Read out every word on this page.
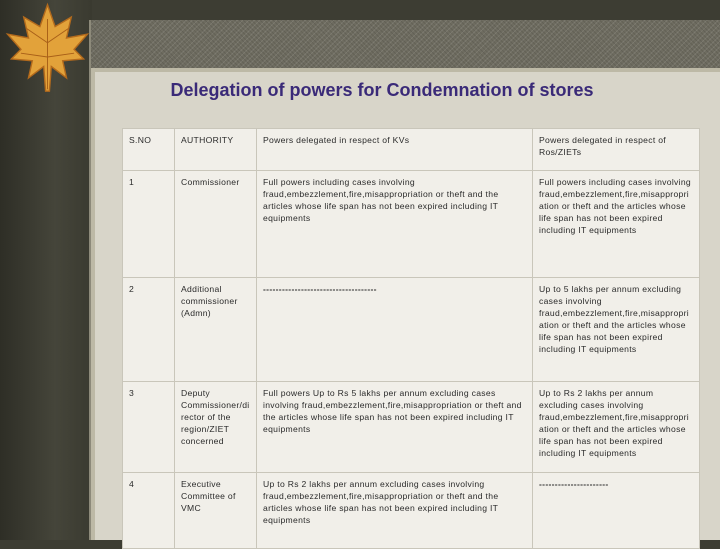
Delegation of powers for Condemnation of stores
S.NO	AUTHORITY	Powers delegated in respect of KVs	Powers delegated in respect of Ros/ZIETs
1	Commissioner	Full powers including cases involving fraud,embezzlement,fire,misappropriation or theft and the articles whose life span has not been expired including IT equipments	Full powers including cases involving fraud,embezzlement,fire,misappropriation or theft and the articles whose life span has not been expired including IT equipments
2	Additional commissioner (Admn)	------------------------------------	Up to 5 lakhs per annum excluding cases involving fraud,embezzlement,fire,misappropriation or theft and the articles whose life span has not been expired including IT equipments
3	Deputy Commissioner/director of the region/ZIET concerned	Full powers Up to Rs 5 lakhs per annum excluding cases involving fraud,embezzlement,fire,misappropriation or theft and the articles whose life span has not been expired including IT equipments	Up to Rs 2 lakhs per annum excluding cases involving fraud,embezzlement,fire,misappropriation or theft and the articles whose life span has not been expired including IT equipments
4	Executive Committee of VMC	Up to Rs 2 lakhs per annum excluding cases involving fraud,embezzlement,fire,misappropriation or theft and the articles whose life span has not been expired including IT equipments	----------------------
